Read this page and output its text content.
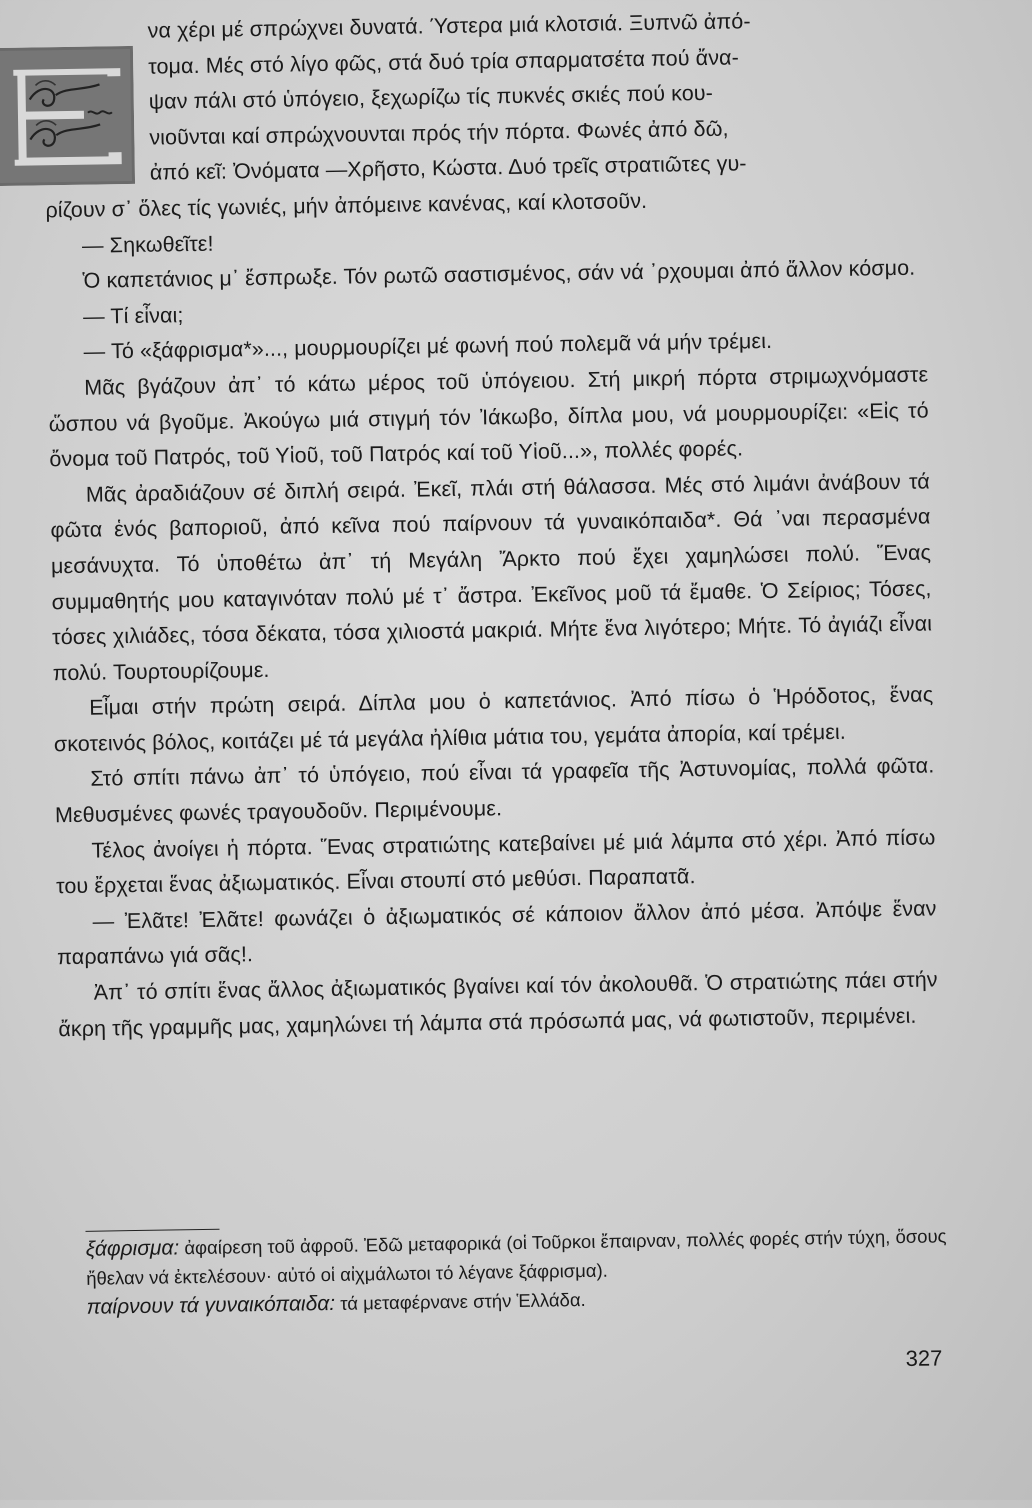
να χέρι μέ σπρώχνει δυνατά. Ύστερα μιά κλοτσιά. Ξυπνῶ ἀπό-
τομα. Μές στό λίγο φῶς, στά δυό τρία σπαρματσέτα πού ἄνα-
ψαν πάλι στό ὑπόγειο, ξεχωρίζω τίς πυκνές σκιές πού κου-
νιοῦνται καί σπρώχνουνται πρός τήν πόρτα. Φωνές ἀπό δῶ,
ἀπό κεῖ: Ὀνόματα —Χρῆστο, Κώστα. Δυό τρεῖς στρατιῶτες γυ-
ρίζουν σ᾽ ὅλες τίς γωνιές, μήν ἀπόμεινε κανένας, καί κλοτσοῦν.

— Σηκωθεῖτε!

Ὁ καπετάνιος μ᾽ ἔσπρωξε. Τόν ρωτῶ σαστισμένος, σάν νά ᾽ρχουμαι ἀπό ἄλλον κόσμο.

— Τί εἶναι;

— Τό «ξάφρισμα*»..., μουρμουρίζει μέ φωνή πού πολεμᾶ νά μήν τρέμει.

Μᾶς βγάζουν ἀπ᾽ τό κάτω μέρος τοῦ ὑπόγειου. Στή μικρή πόρτα στριμωχνόμαστε ὥσπου νά βγοῦμε. Ἀκούγω μιά στιγμή τόν Ἰάκωβο, δίπλα μου, νά μουρμουρίζει: «Εἰς τό ὄνομα τοῦ Πατρός, τοῦ Υἱοῦ, τοῦ Πατρός καί τοῦ Υἱοῦ...», πολλές φορές.

Μᾶς ἀραδιάζουν σέ διπλή σειρά. Ἐκεῖ, πλάι στή θάλασσα. Μές στό λιμάνι ἀνάβουν τά φῶτα ἑνός βαποριοῦ, ἀπό κεῖνα πού παίρνουν τά γυναικόπαιδα*. Θά ᾽ναι περασμένα μεσάνυχτα. Τό ὑποθέτω ἀπ᾽ τή Μεγάλη Ἄρκτο πού ἔχει χαμηλώσει πολύ. Ἕνας συμμαθητής μου καταγινόταν πολύ μέ τ᾽ ἄστρα. Ἐκεῖνος μοῦ τά ἔμαθε. Ὁ Σείριος; Τόσες, τόσες χιλιάδες, τόσα δέκατα, τόσα χιλιοστά μακριά. Μήτε ἕνα λιγότερο; Μήτε. Τό ἀγιάζι εἶναι πολύ. Τουρτουρίζουμε.

Εἶμαι στήν πρώτη σειρά. Δίπλα μου ὁ καπετάνιος. Ἀπό πίσω ὁ Ἡρόδοτος, ἕνας σκοτεινός βόλος, κοιτάζει μέ τά μεγάλα ἠλίθια μάτια του, γεμάτα ἀπορία, καί τρέμει.

Στό σπίτι πάνω ἀπ᾽ τό ὑπόγειο, πού εἶναι τά γραφεῖα τῆς Ἀστυνομίας, πολλά φῶτα. Μεθυσμένες φωνές τραγουδοῦν. Περιμένουμε.

Τέλος ἀνοίγει ἡ πόρτα. Ἕνας στρατιώτης κατεβαίνει μέ μιά λάμπα στό χέρι. Ἀπό πίσω του ἔρχεται ἕνας ἀξιωματικός. Εἶναι στουπί στό μεθύσι. Παραπατᾶ.

— Ἐλᾶτε! Ἐλᾶτε! φωνάζει ὁ ἀξιωματικός σέ κάποιον ἄλλον ἀπό μέσα. Ἀπόψε ἕναν παραπάνω γιά σᾶς!.

Ἀπ᾽ τό σπίτι ἕνας ἄλλος ἀξιωματικός βγαίνει καί τόν ἀκολουθᾶ. Ὁ στρατιώτης πάει στήν ἄκρη τῆς γραμμῆς μας, χαμηλώνει τή λάμπα στά πρόσωπά μας, νά φωτιστοῦν, περιμένει.

ξάφρισμα: ἀφαίρεση τοῦ ἀφροῦ. Ἐδῶ μεταφορικά (οἱ Τοῦρκοι ἔπαιρναν, πολλές φορές στήν τύχη, ὅσους ἤθελαν νά ἐκτελέσουν· αὐτό οἱ αἰχμάλωτοι τό λέγανε ξάφρισμα).

παίρνουν τά γυναικόπαιδα: τά μεταφέρνανε στήν Ἑλλάδα.

327
